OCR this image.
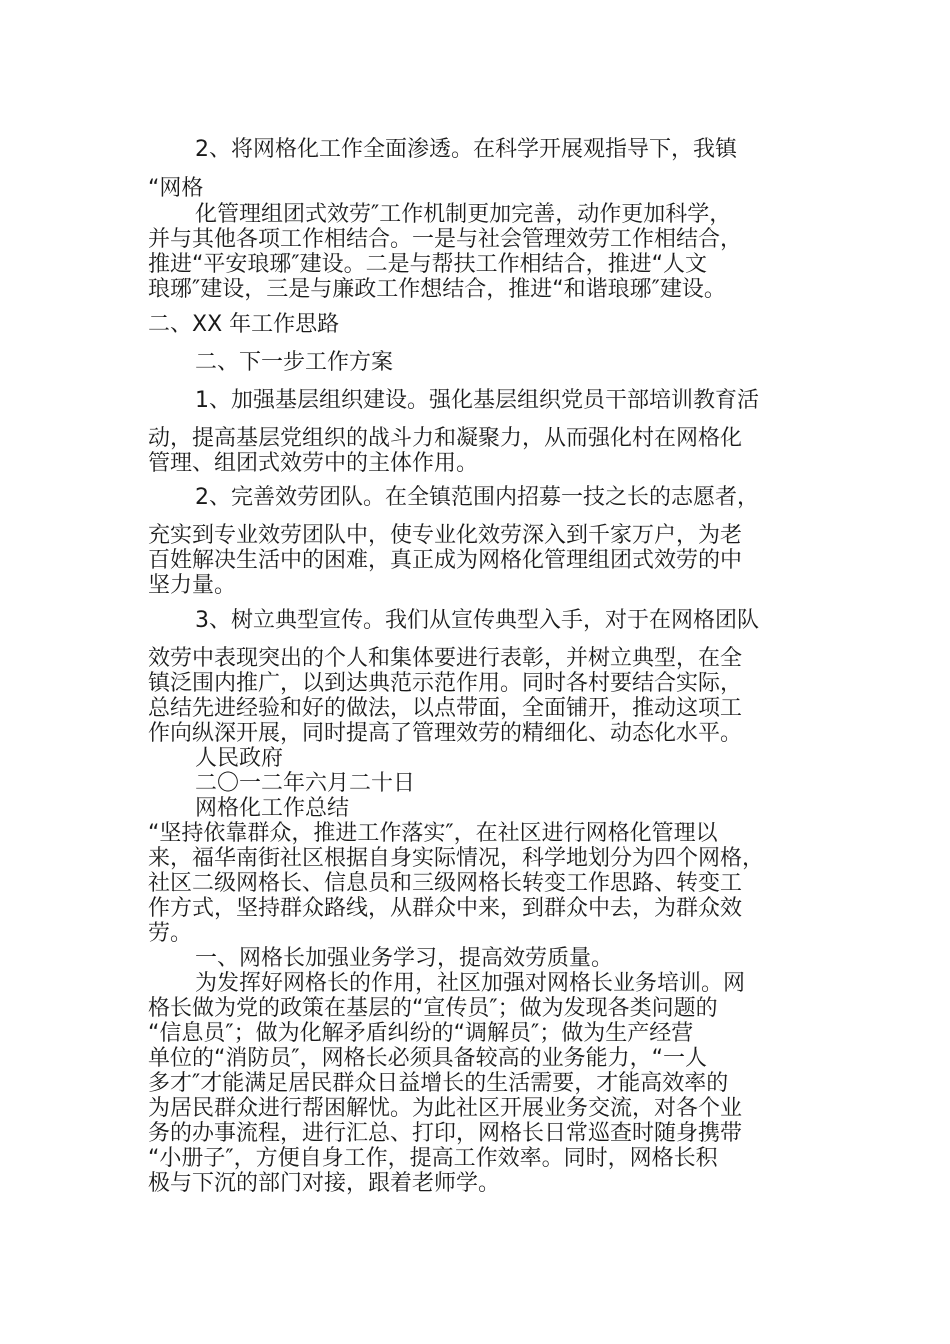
2、将网格化工作全面渗透。在科学开展观指导下，我镇
“网格
化管理组团式效劳″工作机制更加完善，动作更加科学，
并与其他各项工作相结合。一是与社会管理效劳工作相结合，
推进“平安琅琊″建设。二是与帮扶工作相结合，推进“人文
琅琊″建设，三是与廉政工作想结合，推进“和谐琅琊″建设。
二、XX 年工作思路
二、下一步工作方案
1、加强基层组织建设。强化基层组织党员干部培训教育活
动，提高基层党组织的战斗力和凝聚力，从而强化村在网格化
管理、组团式效劳中的主体作用。
2、完善效劳团队。在全镇范围内招募一技之长的志愿者，
充实到专业效劳团队中，使专业化效劳深入到千家万户，为老
百姓解决生活中的困难，真正成为网格化管理组团式效劳的中
坚力量。
3、树立典型宣传。我们从宣传典型入手，对于在网格团队
效劳中表现突出的个人和集体要进行表彰，并树立典型，在全
镇泛围内推广，以到达典范示范作用。同时各村要结合实际，
总结先进经验和好的做法，以点带面，全面铺开，推动这项工
作向纵深开展，同时提高了管理效劳的精细化、动态化水平。
人民政府
二〇一二年六月二十日
网格化工作总结
“坚持依靠群众，推进工作落实″，在社区进行网格化管理以
来，福华南街社区根据自身实际情况，科学地划分为四个网格，
社区二级网格长、信息员和三级网格长转变工作思路、转变工
作方式，坚持群众路线，从群众中来，到群众中去，为群众效
劳。
一、网格长加强业务学习，提高效劳质量。
为发挥好网格长的作用，社区加强对网格长业务培训。网
格长做为党的政策在基层的“宣传员″；做为发现各类问题的
“信息员″；做为化解矛盾纠纷的“调解员″；做为生产经营
单位的“消防员″，网格长必须具备较高的业务能力，“一人
多才″才能满足居民群众日益增长的生活需要，才能高效率的
为居民群众进行帮困解忧。为此社区开展业务交流，对各个业
务的办事流程，进行汇总、打印，网格长日常巡查时随身携带
“小册子″，方便自身工作，提高工作效率。同时，网格长积
极与下沉的部门对接，跟着老师学。
